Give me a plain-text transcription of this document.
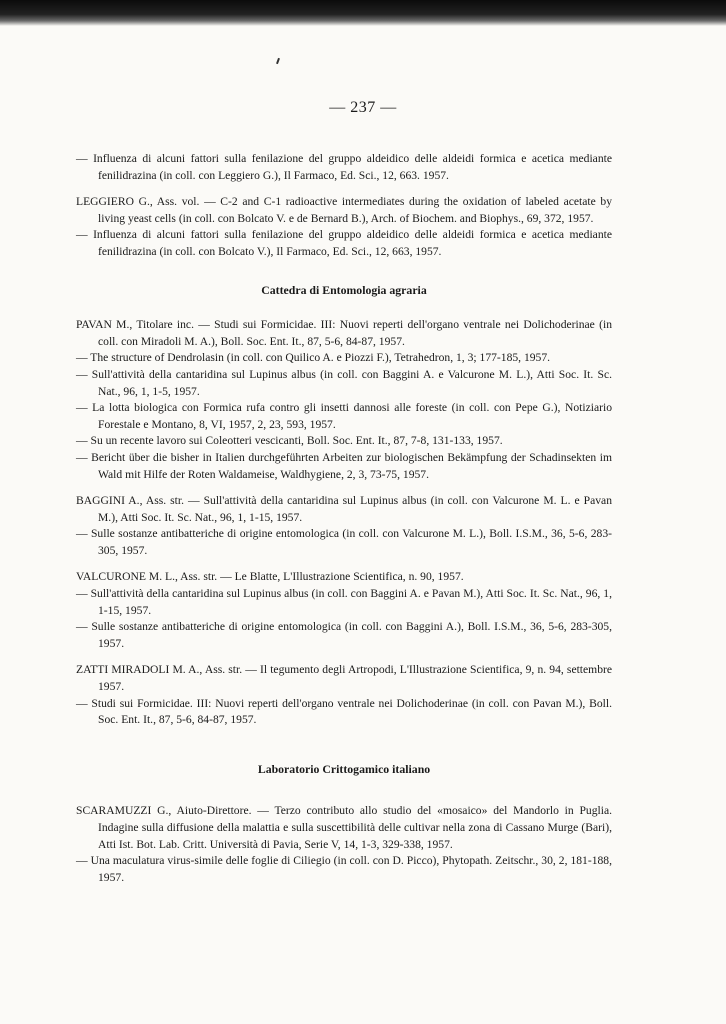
— 237 —

— Influenza di alcuni fattori sulla fenilazione del gruppo aldeidico delle aldeidi formica e acetica mediante fenilidrazina (in coll. con Leggiero G.), Il Farmaco, Ed. Sci., 12, 663. 1957.

LEGGIERO G., Ass. vol. — C-2 and C-1 radioactive intermediates during the oxidation of labeled acetate by living yeast cells (in coll. con Bolcato V. e de Bernard B.), Arch. of Biochem. and Biophys., 69, 372, 1957.

— Influenza di alcuni fattori sulla fenilazione del gruppo aldeidico delle aldeidi formica e acetica mediante fenilidrazina (in coll. con Bolcato V.), Il Farmaco, Ed. Sci., 12, 663, 1957.

Cattedra di Entomologia agraria

PAVAN M., Titolare inc. — Studi sui Formicidae. III: Nuovi reperti dell'organo ventrale nei Dolichoderinae (in coll. con Miradoli M. A.), Boll. Soc. Ent. It., 87, 5-6, 84-87, 1957.

— The structure of Dendrolasin (in coll. con Quilico A. e Piozzi F.), Tetrahedron, 1, 3; 177-185, 1957.

— Sull'attività della cantaridina sul Lupinus albus (in coll. con Baggini A. e Valcurone M. L.), Atti Soc. It. Sc. Nat., 96, 1, 1-5, 1957.

— La lotta biologica con Formica rufa contro gli insetti dannosi alle foreste (in coll. con Pepe G.), Notiziario Forestale e Montano, 8, VI, 1957, 2, 23, 593, 1957.

— Su un recente lavoro sui Coleotteri vescicanti, Boll. Soc. Ent. It., 87, 7-8, 131-133, 1957.

— Bericht über die bisher in Italien durchgeführten Arbeiten zur biologischen Bekämpfung der Schadinsekten im Wald mit Hilfe der Roten Waldameise, Waldhygiene, 2, 3, 73-75, 1957.

BAGGINI A., Ass. str. — Sull'attività della cantaridina sul Lupinus albus (in coll. con Valcurone M. L. e Pavan M.), Atti Soc. It. Sc. Nat., 96, 1, 1-15, 1957.

— Sulle sostanze antibatteriche di origine entomologica (in coll. con Valcurone M. L.), Boll. I.S.M., 36, 5-6, 283-305, 1957.

VALCURONE M. L., Ass. str. — Le Blatte, L'Illustrazione Scientifica, n. 90, 1957.

— Sull'attività della cantaridina sul Lupinus albus (in coll. con Baggini A. e Pavan M.), Atti Soc. It. Sc. Nat., 96, 1, 1-15, 1957.

— Sulle sostanze antibatteriche di origine entomologica (in coll. con Baggini A.), Boll. I.S.M., 36, 5-6, 283-305, 1957.

ZATTI MIRADOLI M. A., Ass. str. — Il tegumento degli Artropodi, L'Illustrazione Scientifica, 9, n. 94, settembre 1957.

— Studi sui Formicidae. III: Nuovi reperti dell'organo ventrale nei Dolichoderinae (in coll. con Pavan M.), Boll. Soc. Ent. It., 87, 5-6, 84-87, 1957.

Laboratorio Crittogamico italiano

SCARAMUZZI G., Aiuto-Direttore. — Terzo contributo allo studio del «mosaico» del Mandorlo in Puglia. Indagine sulla diffusione della malattia e sulla suscettibilità delle cultivar nella zona di Cassano Murge (Bari), Atti Ist. Bot. Lab. Critt. Università di Pavia, Serie V, 14, 1-3, 329-338, 1957.

— Una maculatura virus-simile delle foglie di Ciliegio (in coll. con D. Picco), Phytopath. Zeitschr., 30, 2, 181-188, 1957.
